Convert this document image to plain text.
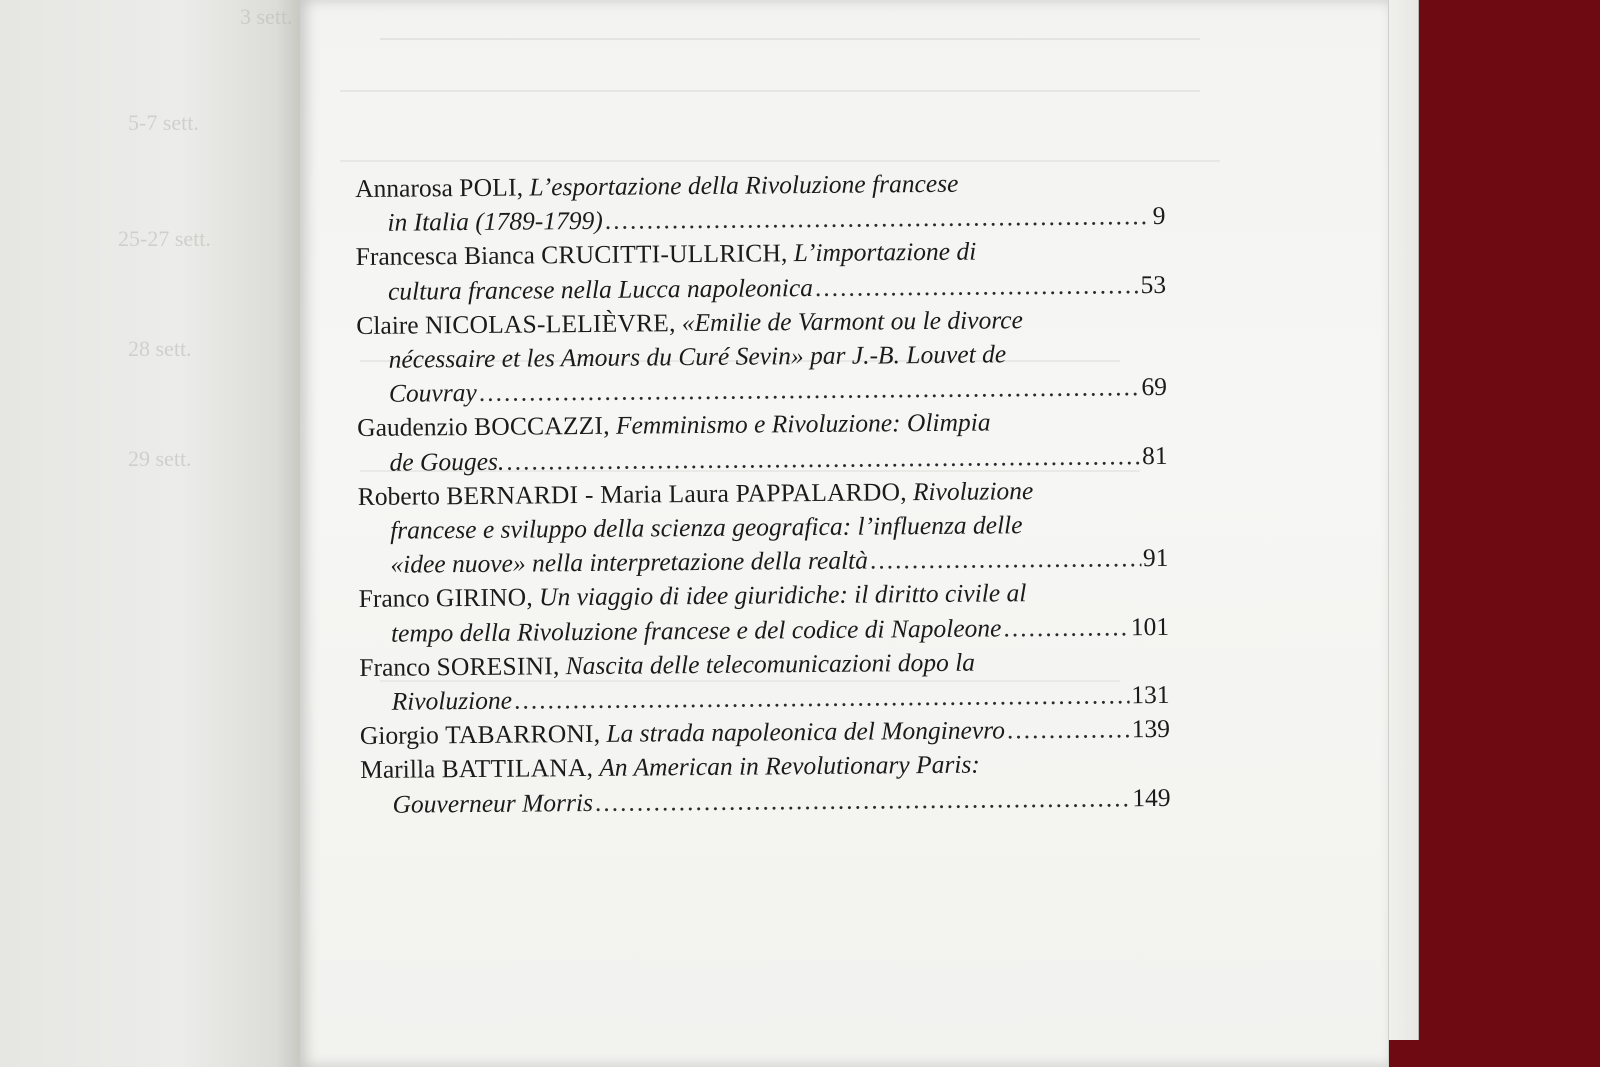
5-7 sett.
25-27 sett.
28 sett.
29 sett.
3 sett.
Annarosa POLI, L’esportazione della Rivoluzione francese
in Italia (1789-1799) .....	9
Francesca Bianca CRUCITTI-ULLRICH, L’importazione di
cultura francese nella Lucca napoleonica .....	53
Claire NICOLAS-LELIÈVRE, «Emilie de Varmont ou le divorce
nécessaire et les Amours du Curé Sevin» par J.-B. Louvet de
Couvray .....	69
Gaudenzio BOCCAZZI, Femminismo e Rivoluzione: Olimpia
de Gouges. .....	81
Roberto BERNARDI - Maria Laura PAPPALARDO, Rivoluzione
francese e sviluppo della scienza geografica: l’influenza delle
«idee nuove» nella interpretazione della realtà .....	91
Franco GIRINO, Un viaggio di idee giuridiche: il diritto civile al
tempo della Rivoluzione francese e del codice di Napoleone .....	101
Franco SORESINI, Nascita delle telecomunicazioni dopo la
Rivoluzione .....	131
Giorgio TABARRONI, La strada napoleonica del Monginevro .....	139
Marilla BATTILANA, An American in Revolutionary Paris:
Gouverneur Morris .....	149
